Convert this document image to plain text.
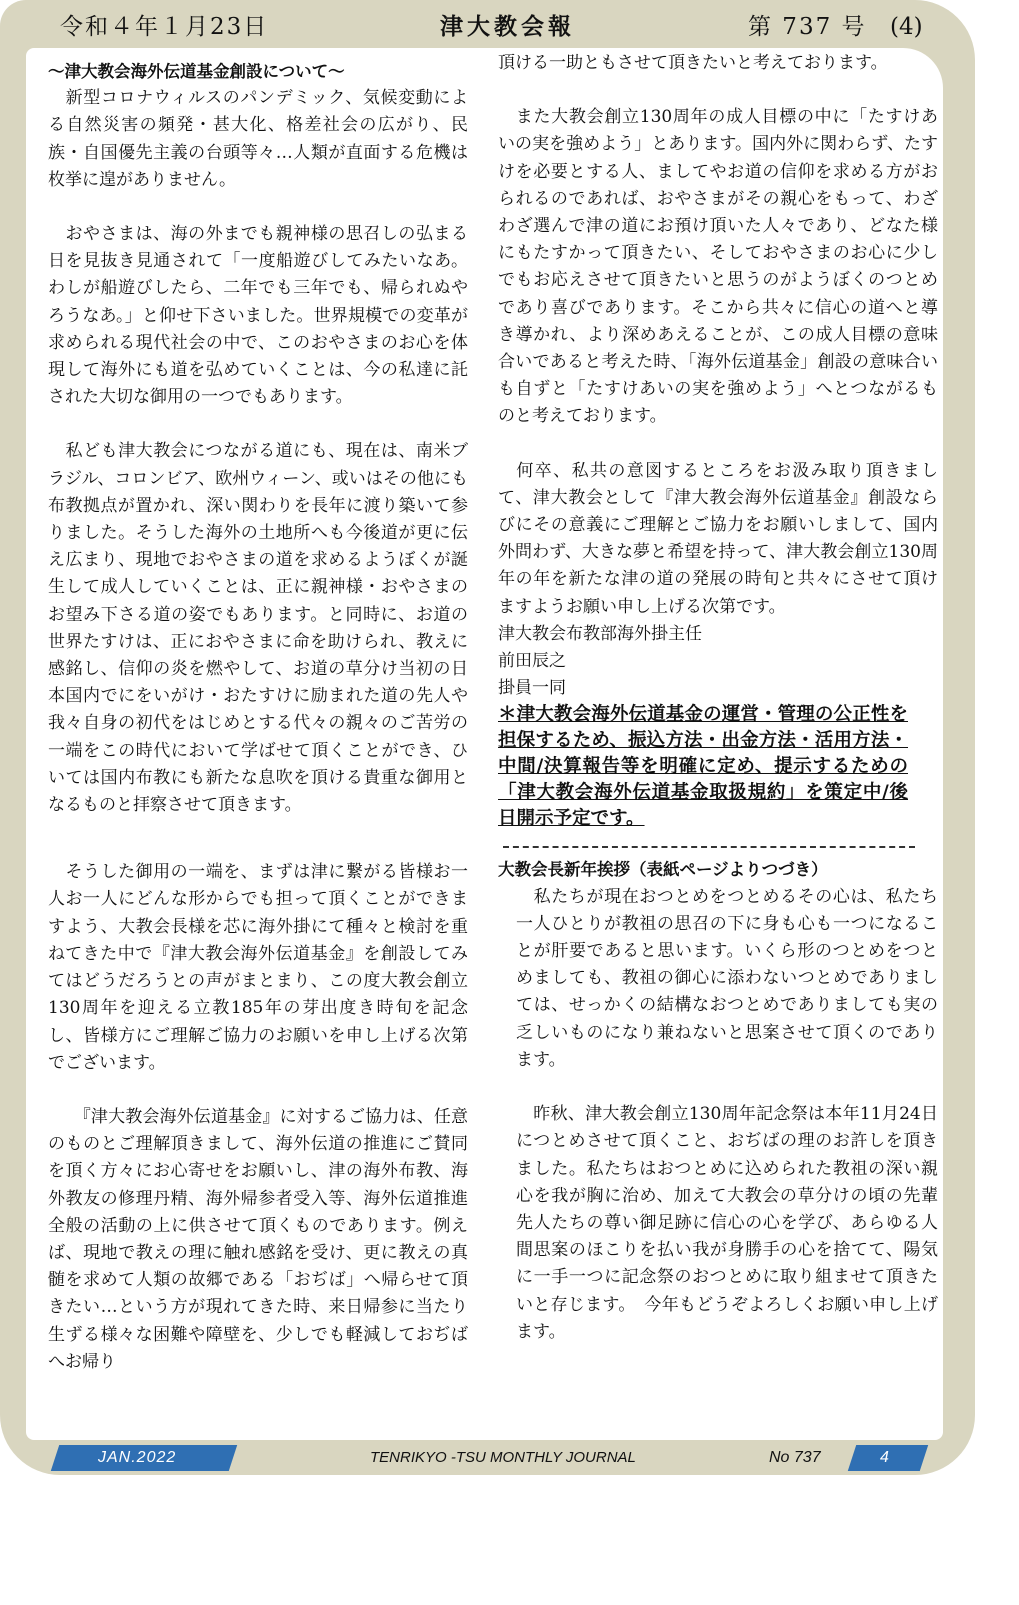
令和４年１月23日	津大教会報	第 737 号 (4)

～津大教会海外伝道基金創設について～

　新型コロナウィルスのパンデミック、気候変動による自然災害の頻発・甚大化、格差社会の広がり、民族・自国優先主義の台頭等々…人類が直面する危機は枚挙に遑がありません。

　おやさまは、海の外までも親神様の思召しの弘まる日を見抜き見通されて「一度船遊びしてみたいなあ。わしが船遊びしたら、二年でも三年でも、帰られぬやろうなあ。」と仰せ下さいました。世界規模での変革が求められる現代社会の中で、このおやさまのお心を体現して海外にも道を弘めていくことは、今の私達に託された大切な御用の一つでもあります。

　私ども津大教会につながる道にも、現在は、南米ブラジル、コロンビア、欧州ウィーン、或いはその他にも布教拠点が置かれ、深い関わりを長年に渡り築いて参りました。そうした海外の土地所へも今後道が更に伝え広まり、現地でおやさまの道を求めるようぼくが誕生して成人していくことは、正に親神様・おやさまのお望み下さる道の姿でもあります。と同時に、お道の世界たすけは、正におやさまに命を助けられ、教えに感銘し、信仰の炎を燃やして、お道の草分け当初の日本国内でにをいがけ・おたすけに励まれた道の先人や我々自身の初代をはじめとする代々の親々のご苦労の一端をこの時代において学ばせて頂くことができ、ひいては国内布教にも新たな息吹を頂ける貴重な御用となるものと拝察させて頂きます。

　そうした御用の一端を、まずは津に繋がる皆様お一人お一人にどんな形からでも担って頂くことができますよう、大教会長様を芯に海外掛にて種々と検討を重ねてきた中で『津大教会海外伝道基金』を創設してみてはどうだろうとの声がまとまり、この度大教会創立130周年を迎える立教185年の芽出度き時旬を記念し、皆様方にご理解ご協力のお願いを申し上げる次第でございます。

　　『津大教会海外伝道基金』に対するご協力は、任意のものとご理解頂きまして、海外伝道の推進にご賛同を頂く方々にお心寄せをお願いし、津の海外布教、海外教友の修理丹精、海外帰参者受入等、海外伝道推進全般の活動の上に供させて頂くものであります。例えば、現地で教えの理に触れ感銘を受け、更に教えの真髄を求めて人類の故郷である「おぢば」へ帰らせて頂きたい…という方が現れてきた時、来日帰参に当たり生ずる様々な困難や障壁を、少しでも軽減しておぢばへお帰り

頂ける一助ともさせて頂きたいと考えております。

　また大教会創立130周年の成人目標の中に「たすけあいの実を強めよう」とあります。国内外に関わらず、たすけを必要とする人、ましてやお道の信仰を求める方がおられるのであれば、おやさまがその親心をもって、わざわざ選んで津の道にお預け頂いた人々であり、どなた様にもたすかって頂きたい、そしておやさまのお心に少しでもお応えさせて頂きたいと思うのがようぼくのつとめであり喜びであります。そこから共々に信心の道へと導き導かれ、より深めあえることが、この成人目標の意味合いであると考えた時、「海外伝道基金」創設の意味合いも自ずと「たすけあいの実を強めよう」へとつながるものと考えております。

　何卒、私共の意図するところをお汲み取り頂きまして、津大教会として『津大教会海外伝道基金』創設ならびにその意義にご理解とご協力をお願いしまして、国内外問わず、大きな夢と希望を持って、津大教会創立130周年の年を新たな津の道の発展の時旬と共々にさせて頂けますようお願い申し上げる次第です。

津大教会布教部海外掛主任

前田辰之

掛員一同

＊津大教会海外伝道基金の運営・管理の公正性を担保するため、振込方法・出金方法・活用方法・中間/決算報告等を明確に定め、提示するための「津大教会海外伝道基金取扱規約」を策定中/後日開示予定です。

大教会長新年挨拶（表紙ページよりつづき）

　私たちが現在おつとめをつとめるその心は、私たち一人ひとりが教祖の思召の下に身も心も一つになることが肝要であると思います。いくら形のつとめをつとめましても、教祖の御心に添わないつとめでありましては、せっかくの結構なおつとめでありましても実の乏しいものになり兼ねないと思案させて頂くのであります。

　昨秋、津大教会創立130周年記念祭は本年11月24日につとめさせて頂くこと、おぢばの理のお許しを頂きました。私たちはおつとめに込められた教祖の深い親心を我が胸に治め、加えて大教会の草分けの頃の先輩先人たちの尊い御足跡に信心の心を学び、あらゆる人間思案のほこりを払い我が身勝手の心を捨てて、陽気に一手一つに記念祭のおつとめに取り組ませて頂きたいと存じます。　今年もどうぞよろしくお願い申し上げます。

JAN.2022	TENRIKYO -TSU MONTHLY JOURNAL	No 737	4
